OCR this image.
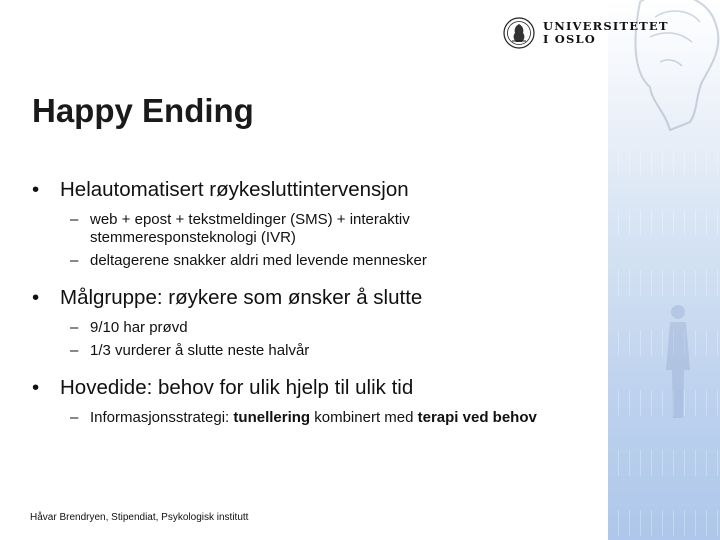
UNIVERSITETET
I OSLO
Happy Ending

• Helautomatisert røykesluttintervensjon

– web + epost + tekstmeldinger (SMS) + interaktiv
stemmeresponsteknologi (IVR)

– deltagerene snakker aldri med levende mennesker

• Målgruppe: røykere som ønsker å slutte

– 9/10 har prøvd

– 1/3 vurderer å slutte neste halvår

• Hovedide: behov for ulik hjelp til ulik tid

– Informasjonsstrategi: tunellering kombinert med terapi ved behov

Håvar Brendryen, Stipendiat, Psykologisk institutt
